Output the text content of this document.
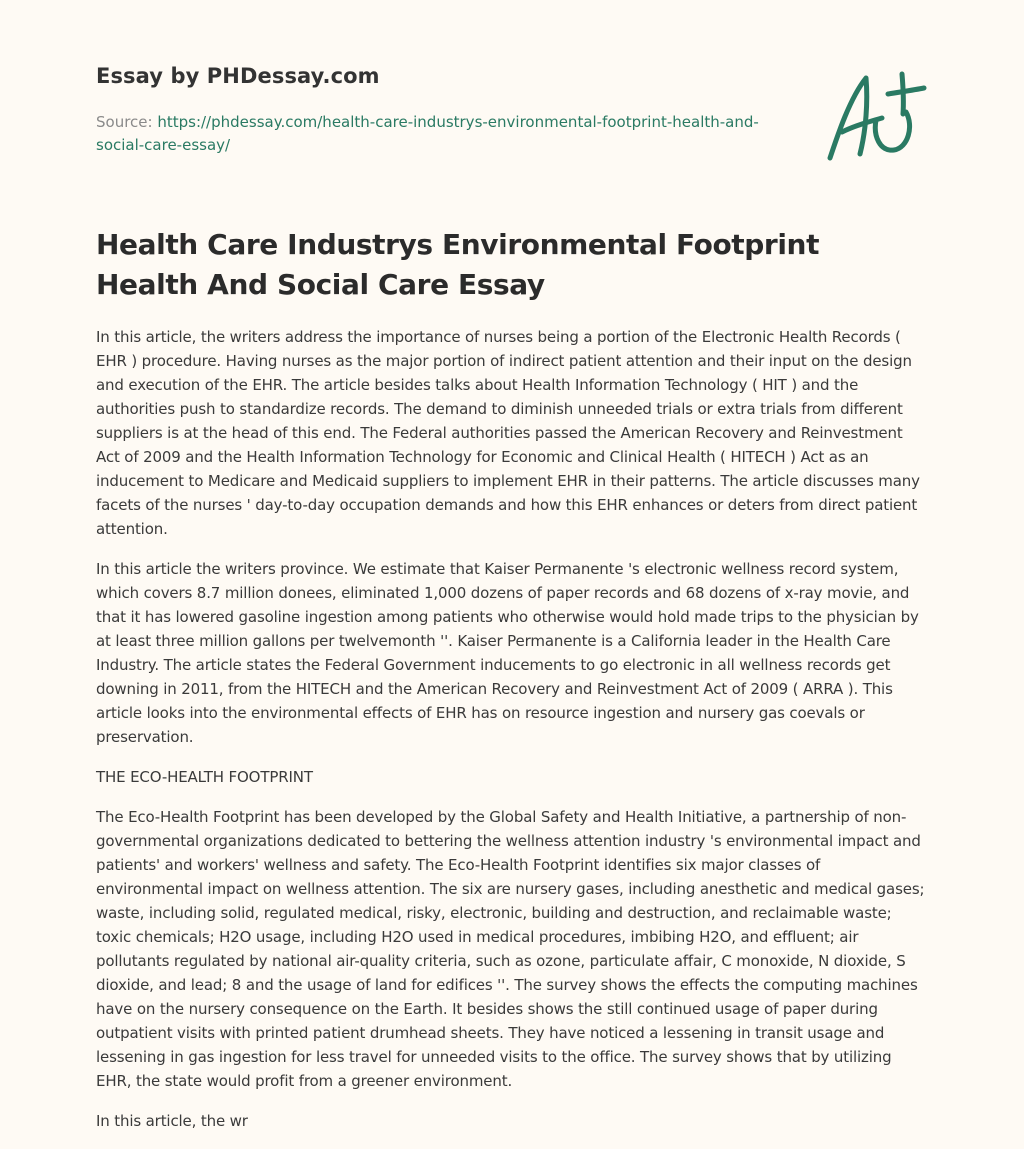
Essay by PHDessay.com
Source: https://phdessay.com/health-care-industrys-environmental-footprint-health-and-social-care-essay/
Health Care Industrys Environmental Footprint Health And Social Care Essay

In this article, the writers address the importance of nurses being a portion of the Electronic Health Records ( EHR ) procedure. Having nurses as the major portion of indirect patient attention and their input on the design and execution of the EHR. The article besides talks about Health Information Technology ( HIT ) and the authorities push to standardize records. The demand to diminish unneeded trials or extra trials from different suppliers is at the head of this end. The Federal authorities passed the American Recovery and Reinvestment Act of 2009 and the Health Information Technology for Economic and Clinical Health ( HITECH ) Act as an inducement to Medicare and Medicaid suppliers to implement EHR in their patterns. The article discusses many facets of the nurses ' day-to-day occupation demands and how this EHR enhances or deters from direct patient attention.

In this article the writers province. We estimate that Kaiser Permanente 's electronic wellness record system, which covers 8.7 million donees, eliminated 1,000 dozens of paper records and 68 dozens of x-ray movie, and that it has lowered gasoline ingestion among patients who otherwise would hold made trips to the physician by at least three million gallons per twelvemonth ''. Kaiser Permanente is a California leader in the Health Care Industry. The article states the Federal Government inducements to go electronic in all wellness records get downing in 2011, from the HITECH and the American Recovery and Reinvestment Act of 2009 ( ARRA ). This article looks into the environmental effects of EHR has on resource ingestion and nursery gas coevals or preservation.

THE ECO-HEALTH FOOTPRINT

The Eco-Health Footprint has been developed by the Global Safety and Health Initiative, a partnership of non-governmental organizations dedicated to bettering the wellness attention industry 's environmental impact and patients' and workers' wellness and safety. The Eco-Health Footprint identifies six major classes of environmental impact on wellness attention. The six are nursery gases, including anesthetic and medical gases; waste, including solid, regulated medical, risky, electronic, building and destruction, and reclaimable waste; toxic chemicals; H2O usage, including H2O used in medical procedures, imbibing H2O, and effluent; air pollutants regulated by national air-quality criteria, such as ozone, particulate affair, C monoxide, N dioxide, S dioxide, and lead; 8 and the usage of land for edifices ''. The survey shows the effects the computing machines have on the nursery consequence on the Earth. It besides shows the still continued usage of paper during outpatient visits with printed patient drumhead sheets. They have noticed a lessening in transit usage and lessening in gas ingestion for less travel for unneeded visits to the office. The survey shows that by utilizing EHR, the state would profit from a greener environment.

In this article, the wr
